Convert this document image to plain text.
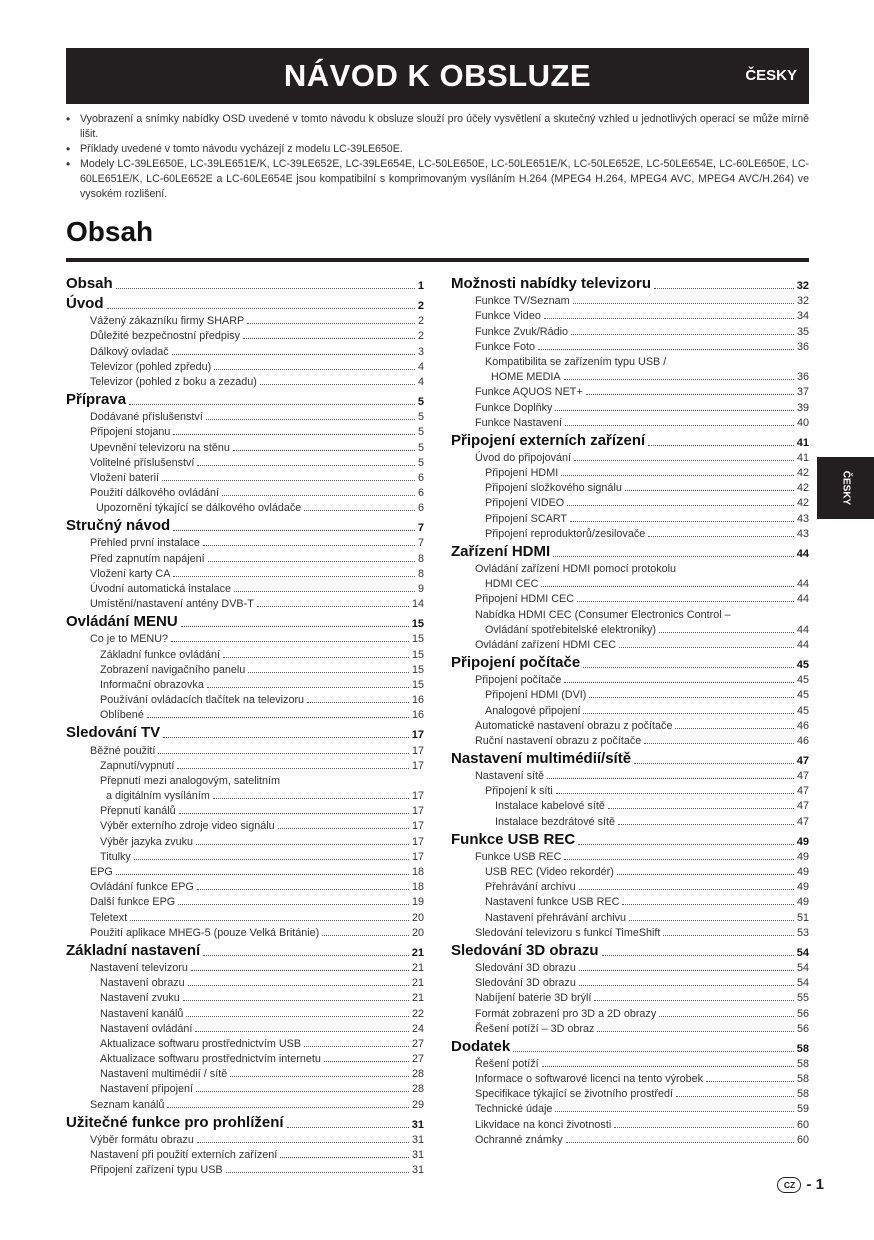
NÁVOD K OBSLUZE	ČESKY
• Vyobrazení a snímky nabídky OSD uvedené v tomto návodu k obsluze slouží pro účely vysvětlení a skutečný vzhled u jednotlivých operací se může mírně lišit.
• Příklady uvedené v tomto návodu vycházejí z modelu LC-39LE650E.
• Modely LC-39LE650E, LC-39LE651E/K, LC-39LE652E, LC-39LE654E, LC-50LE650E, LC-50LE651E/K, LC-50LE652E, LC-50LE654E, LC-60LE650E, LC-60LE651E/K, LC-60LE652E a LC-60LE654E jsou kompatibilní s komprimovaným vysíláním H.264 (MPEG4 H.264, MPEG4 AVC, MPEG4 AVC/H.264) ve vysokém rozlišení.
Obsah
Obsah	1
Úvod	2
Vážený zákazníku firmy SHARP	2
Důležité bezpečnostní předpisy	2
Dálkový ovladač	3
Televizor (pohled zpředu)	4
Televizor (pohled z boku a zezadu)	4
Příprava	5
Dodávané příslušenství	5
Připojení stojanu	5
Upevnění televizoru na stěnu	5
Volitelné příslušenství	5
Vložení baterií	6
Použití dálkového ovládání	6
Upozornění týkající se dálkového ovládače	6
Stručný návod	7
Přehled první instalace	7
Před zapnutím napájení	8
Vložení karty CA	8
Úvodní automatická instalace	9
Umístění/nastavení antény DVB-T	14
Ovládání MENU	15
Co je to MENU?	15
Základní funkce ovládání	15
Zobrazení navigačního panelu	15
Informační obrazovka	15
Používání ovládacích tlačítek na televizoru	16
Oblíbené	16
Sledování TV	17
Běžné použití	17
Zapnutí/vypnutí	17
Přepnutí mezi analogovým, satelitním
a digitálním vysíláním	17
Přepnutí kanálů	17
Výběr externího zdroje video signálu	17
Výběr jazyka zvuku	17
Titulky	17
EPG	18
Ovládání funkce EPG	18
Další funkce EPG	19
Teletext	20
Použití aplikace MHEG-5 (pouze Velká Británie)	20
Základní nastavení	21
Nastavení televizoru	21
Nastavení obrazu	21
Nastavení zvuku	21
Nastavení kanálů	22
Nastavení ovládání	24
Aktualizace softwaru prostřednictvím USB	27
Aktualizace softwaru prostřednictvím internetu	27
Nastavení multimédií / sítě	28
Nastavení připojení	28
Seznam kanálů	29
Užitečné funkce pro prohlížení	31
Výběr formátu obrazu	31
Nastavení při použití externích zařízení	31
Připojení zařízení typu USB	31
Možnosti nabídky televizoru	32
Funkce TV/Seznam	32
Funkce Video	34
Funkce Zvuk/Rádio	35
Funkce Foto	36
Kompatibilita se zařízením typu USB /
HOME MEDIA	36
Funkce AQUOS NET+	37
Funkce Doplňky	39
Funkce Nastavení	40
Připojení externích zařízení	41
Úvod do připojování	41
Připojení HDMI	42
Připojení složkového signálu	42
Připojení VIDEO	42
Připojení SCART	43
Připojení reproduktorů/zesilovače	43
Zařízení HDMI	44
Ovládání zařízení HDMI pomocí protokolu
HDMI CEC	44
Připojení HDMI CEC	44
Nabídka HDMI CEC (Consumer Electronics Control –
Ovládání spotřebitelské elektroniky)	44
Ovládání zařízení HDMI CEC	44
Připojení počítače	45
Připojení počítače	45
Připojení HDMI (DVI)	45
Analogové připojení	45
Automatické nastavení obrazu z počítače	46
Ruční nastavení obrazu z počítače	46
Nastavení multimédií/sítě	47
Nastavení sítě	47
Připojení k síti	47
Instalace kabelové sítě	47
Instalace bezdrátové sítě	47
Funkce USB REC	49
Funkce USB REC	49
USB REC (Video rekordér)	49
Přehrávání archivu	49
Nastavení funkce USB REC	49
Nastavení přehrávání archivu	51
Sledování televizoru s funkcí TimeShift	53
Sledování 3D obrazu	54
Sledování 3D obrazu	54
Sledování 3D obrazu	54
Nabíjení baterie 3D brýlí	55
Formát zobrazení pro 3D a 2D obrazy	56
Řešení potíží – 3D obraz	56
Dodatek	58
Řešení potíží	58
Informace o softwarové licenci na tento výrobek	58
Specifikace týkající se životního prostředí	58
Technické údaje	59
Likvidace na konci životnosti	60
Ochranné známky	60
ČESKY
CZ - 1
